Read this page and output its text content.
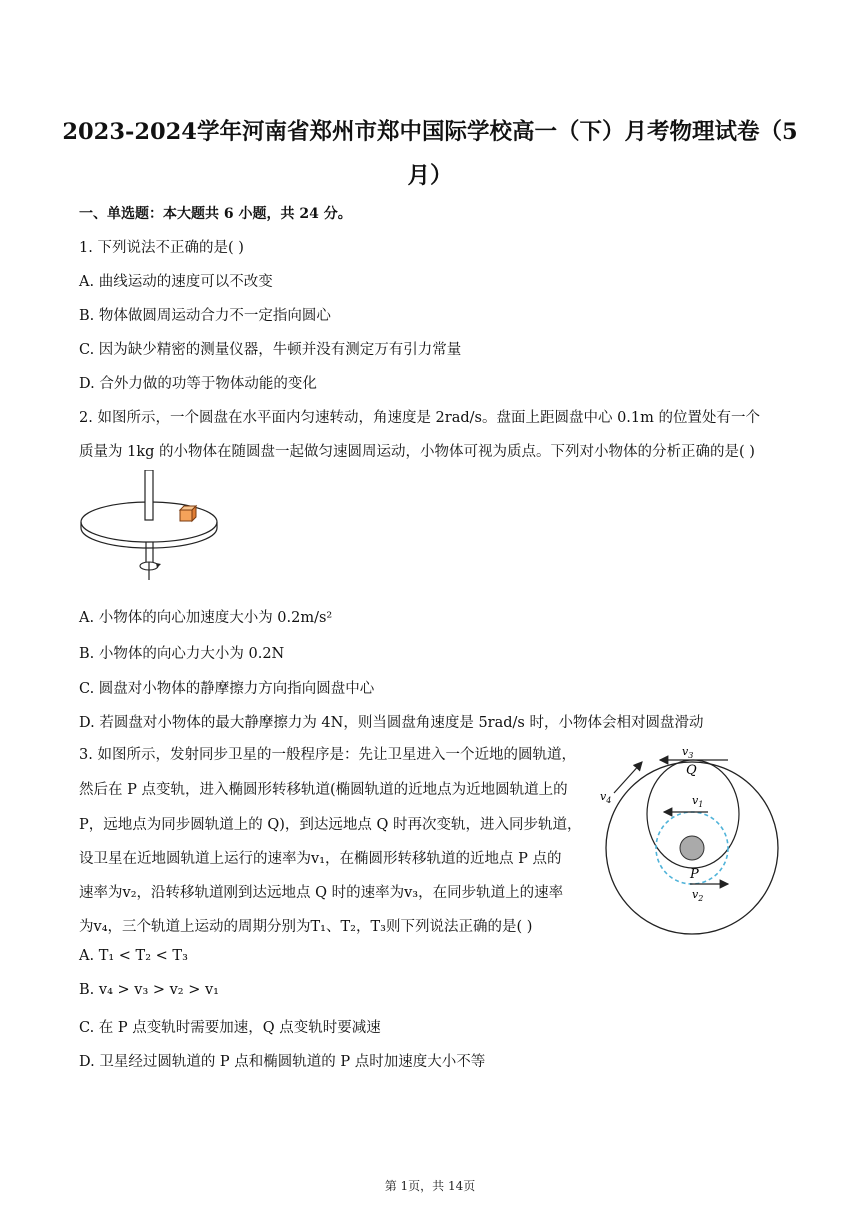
2023-2024学年河南省郑州市郑中国际学校高一（下）月考物理试卷（5
月）
一、单选题：本大题共 6 小题，共 24 分。
1. 下列说法不正确的是( )
A. 曲线运动的速度可以不改变
B. 物体做圆周运动合力不一定指向圆心
C. 因为缺少精密的测量仪器，牛顿并没有测定万有引力常量
D. 合外力做的功等于物体动能的变化
2. 如图所示，一个圆盘在水平面内匀速转动，角速度是 2rad/s。盘面上距圆盘中心 0.1m 的位置处有一个
质量为 1kg 的小物体在随圆盘一起做匀速圆周运动，小物体可视为质点。下列对小物体的分析正确的是( )
A. 小物体的向心加速度大小为 0.2m/s²
B. 小物体的向心力大小为 0.2N
C. 圆盘对小物体的静摩擦力方向指向圆盘中心
D. 若圆盘对小物体的最大静摩擦力为 4N，则当圆盘角速度是 5rad/s 时，小物体会相对圆盘滑动
3. 如图所示，发射同步卫星的一般程序是：先让卫星进入一个近地的圆轨道，
然后在 P 点变轨，进入椭圆形转移轨道(椭圆轨道的近地点为近地圆轨道上的
P，远地点为同步圆轨道上的 Q)，到达远地点 Q 时再次变轨，进入同步轨道，
设卫星在近地圆轨道上运行的速率为v₁，在椭圆形转移轨道的近地点 P 点的
速率为v₂，沿转移轨道刚到达远地点 Q 时的速率为v₃，在同步轨道上的速率
为v₄，三个轨道上运动的周期分别为T₁、T₂，T₃则下列说法正确的是( )
$v_3$
Q
$v_4$	$v_1$
P
$v_2$
A. T₁ < T₂ < T₃
B. v₄ > v₃ > v₂ > v₁
C. 在 P 点变轨时需要加速，Q 点变轨时要减速
D. 卫星经过圆轨道的 P 点和椭圆轨道的 P 点时加速度大小不等
第 1页，共 14页
